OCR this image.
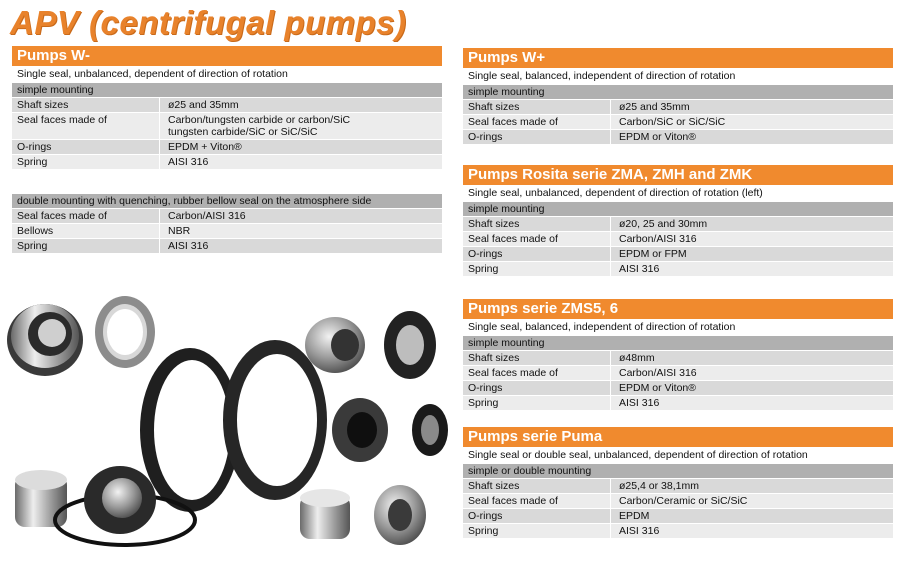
APV (centrifugal pumps)
Pumps W-
Single seal, unbalanced, dependent of direction of rotation
simple mounting
Shaft sizes	ø25 and 35mm
Seal faces made of	Carbon/tungsten carbide or carbon/SiC
tungsten carbide/SiC or SiC/SiC
O-rings	EPDM + Viton®
Spring	AISI 316
double mounting with quenching, rubber bellow seal on the atmosphere side
Seal faces made of	Carbon/AISI 316
Bellows	NBR
Spring	AISI 316
Pumps W+
Single seal, balanced, independent of direction of rotation
simple mounting
Shaft sizes	ø25 and 35mm
Seal faces made of	Carbon/SiC or SiC/SiC
O-rings	EPDM or Viton®
Pumps Rosita serie ZMA, ZMH and ZMK
Single seal, unbalanced, dependent of direction of rotation (left)
simple mounting
Shaft sizes	ø20, 25 and 30mm
Seal faces made of	Carbon/AISI 316
O-rings	EPDM or FPM
Spring	AISI 316
Pumps serie ZMS5, 6
Single seal, balanced, independent of direction of rotation
simple mounting
Shaft sizes	ø48mm
Seal faces made of	Carbon/AISI 316
O-rings	EPDM or Viton®
Spring	AISI 316
Pumps serie Puma
Single seal or double seal, unbalanced, dependent of direction of rotation
simple or double mounting
Shaft sizes	ø25,4 or 38,1mm
Seal faces made of	Carbon/Ceramic or SiC/SiC
O-rings	EPDM
Spring	AISI 316
